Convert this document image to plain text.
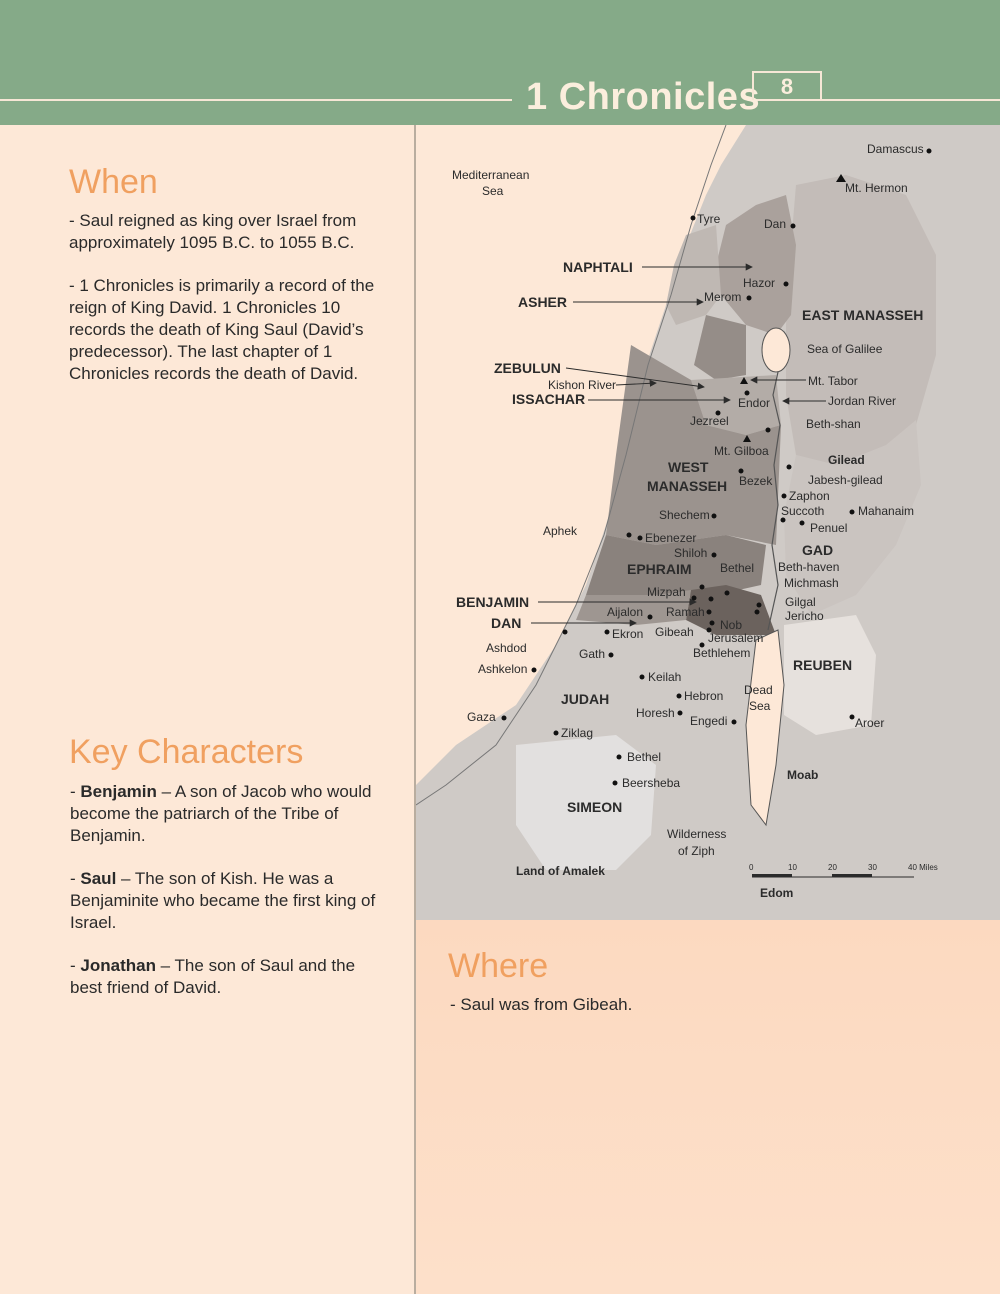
1 Chronicles 8
When

- Saul reigned as king over Israel from approximately 1095 B.C. to 1055 B.C.

- 1 Chronicles is primarily a record of the reign of King David. 1 Chronicles 10 records the death of King Saul (David’s predecessor). The last chapter of 1 Chronicles records the death of David.

Key Characters

- Benjamin – A son of Jacob who would become the patriarch of the Tribe of Benjamin.

- Saul – The son of Kish. He was a Benjaminite who became the first king of Israel.

- Jonathan – The son of Saul and the best friend of David.

Where
- Saul was from Gibeah.
Mediterranean
Sea
Sea of Galilee
Dead
Sea
Jordan River
Kishon River
NAPHTALI
ASHER
ZEBULUN
ISSACHAR
WEST
MANASSEH
EAST MANASSEH
EPHRAIM
BENJAMIN
DAN
JUDAH
SIMEON
GAD
REUBEN
Gilead
Moab
Edom
Land of Amalek
Damascus
Mt. Hermon
Tyre	Dan
Hazor
Merom
Mt. Tabor
Endor
Jezreel	Beth-shan
Mt. Gilboa
Jabesh-gilead
Bezek
Zaphon
Succoth	Mahanaim
Penuel
Shechem
Aphek	Ebenezer
Shiloh
Bethel Beth-haven
Michmash
Mizpah
Gilgal
Jericho
Aijalon Ramah
Nob
Ekron Gibeah Jerusalem
Ashdod	Bethlehem
Gath
Ashkelon
Keilah
Hebron
Horesh
Engedi
Gaza
Ziklag
Bethel
Beersheba
Wilderness
of Ziph
Aroer
0	10	20	30	40 Miles
